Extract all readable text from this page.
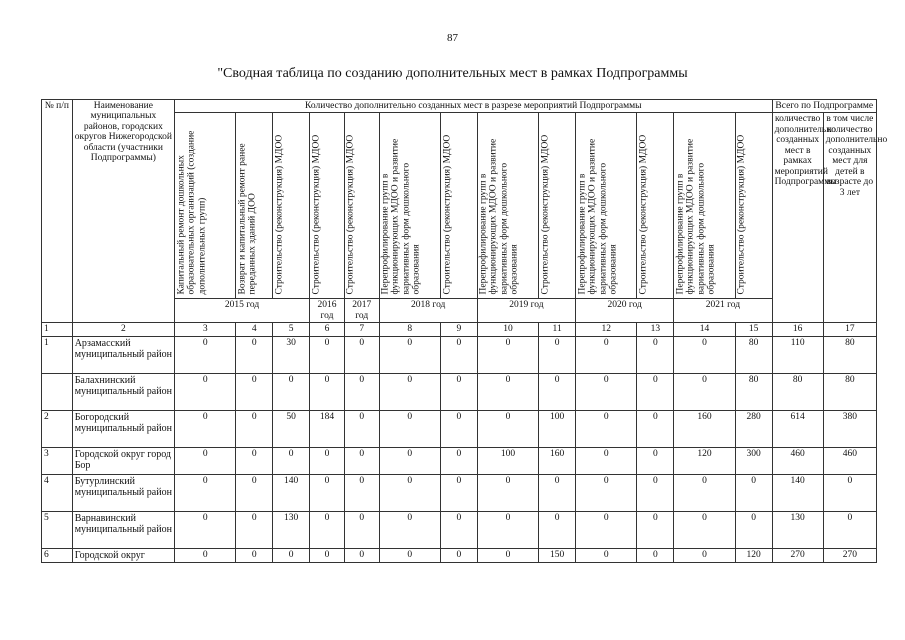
87
"Сводная таблица по созданию дополнительных мест в рамках Подпрограммы
№ п/п	Наименование муниципальных районов, городских округов Нижегородской области (участники Подпрограммы)	Количество дополнительно созданных мест в разрезе мероприятий Подпрограммы													Всего по Подпрограмме	

		Капитальный ремонт дошкольных образовательных организаций (создание дополнительных групп)	Возврат и капитальный ремонт ранее переданных зданий ДОО	Строительство (реконструкция) МДОО	Строительство (реконструкция) МДОО	Строительство (реконструкция) МДОО	Перепрофилирование групп в функционирующих МДОО и развитие вариативных форм дошкольного образования	Строительство (реконструкция) МДОО	Перепрофилирование групп в функционирующих МДОО и развитие вариативных форм дошкольного образования	Строительство (реконструкция) МДОО	Перепрофилирование групп в функционирующих МДОО и развитие вариативных форм дошкольного образования	Строительство (реконструкция) МДОО	Перепрофилирование групп в функционирующих МДОО и развитие вариативных форм дошкольного образования	Строительство (реконструкция) МДОО	количество дополнительно созданных мест в рамках мероприятий Подпрограммы	в том числе количество дополнительно созданных мест для детей в возрасте до 3 лет
		2015 год			2016 год	2017 год	2018 год		2019 год		2020 год		2021 год			
1	2	3	4	5	6	7	8	9	10	11	12	13	14	15	16	17
1	Арзамасский муниципальный район	0	0	30	0	0	0	0	0	0	0	0	0	80	110	80
	Балахнинский муниципальный район	0	0	0	0	0	0	0	0	0	0	0	0	80	80	80
2	Богородский муниципальный район	0	0	50	184	0	0	0	0	100	0	0	160	280	614	380
3	Городской округ город Бор	0	0	0	0	0	0	0	100	160	0	0	120	300	460	460
4	Бутурлинский муниципальный район	0	0	140	0	0	0	0	0	0	0	0	0	0	140	0
5	Варнавинский муниципальный район	0	0	130	0	0	0	0	0	0	0	0	0	0	130	0
6	Городской округ	0	0	0	0	0	0	0	0	150	0	0	0	120	270	270
